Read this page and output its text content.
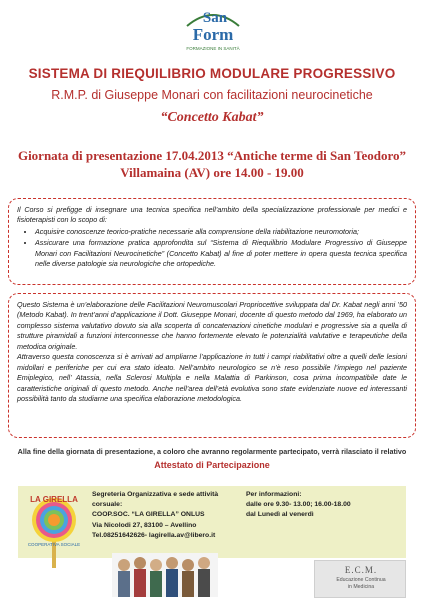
San
Form
FORMAZIONE IN SANITÀ
SISTEMA DI RIEQUILIBRIO MODULARE PROGRESSIVO
R.M.P. di Giuseppe Monari con facilitazioni neurocinetiche
“Concetto Kabat”
Giornata di presentazione 17.04.2013 “Antiche terme di San Teodoro”
Villamaina (AV) ore 14.00 - 19.00
Il Corso si prefigge di insegnare una tecnica specifica nell’ambito della specializzazione professionale per medici e fisioterapisti con lo scopo di:
• Acquisire conoscenze teorico-pratiche necessarie alla comprensione della riabilitazione neuromotoria;
• Assicurare una formazione pratica approfondita sul “Sistema di Riequilibrio Modulare Progressivo di Giuseppe Monari con Facilitazioni Neurocinetiche” (Concetto Kabat) al fine di poter mettere in opera questa tecnica specifica nelle diverse patologie sia neurologiche che ortopediche.

Questo Sistema è un’elaborazione delle Facilitazioni Neuromuscolari Propriocettive sviluppata dal Dr. Kabat negli anni ’50 (Metodo Kabat). In trent’anni d’applicazione il Dott. Giuseppe Monari, docente di questo metodo dal 1969, ha elaborato un complesso sistema valutativo dovuto sia alla scoperta di concatenazioni cinetiche modulari e progressive sia a quella di strutture piramidali a funzioni interconnesse che hanno fortemente elevato le potenzialità valutative e terapeutiche della metodica originale.

Attraverso questa conoscenza si è arrivati ad ampliarne l’applicazione in tutti i campi riabilitativi oltre a quelli delle lesioni midollari e periferiche per cui era stato ideato. Nell’ambito neurologico se n’è reso possibile l’impiego nel paziente Emiplegico, nell’ Atassia, nella Sclerosi Multipla e nella Malattia di Parkinson, cosa prima incompatibile date le caratteristiche originali di questo metodo. Anche nell’area dell’età evolutiva sono state evidenziate nuove ed interessanti possibilità tanto da studiarne una specifica elaborazione metodologica.

Alla fine della giornata di presentazione, a coloro che avranno regolarmente partecipato, verrà rilasciato il relativo
Attestato di Partecipazione
LA GIRELLA
COOPERATIVA SOCIALE
Segreteria Organizzativa e sede attività corsuale:
COOP.SOC. “LA GIRELLA” ONLUS
Via Nicolodi 27, 83100 – Avellino
Tel.08251642626- lagirella.av@libero.it
Per informazioni:
dalle ore 9.30- 13.00; 16.00-18.00
dal Lunedì al venerdì
E.C.M.
Educazione Continua
in Medicina
